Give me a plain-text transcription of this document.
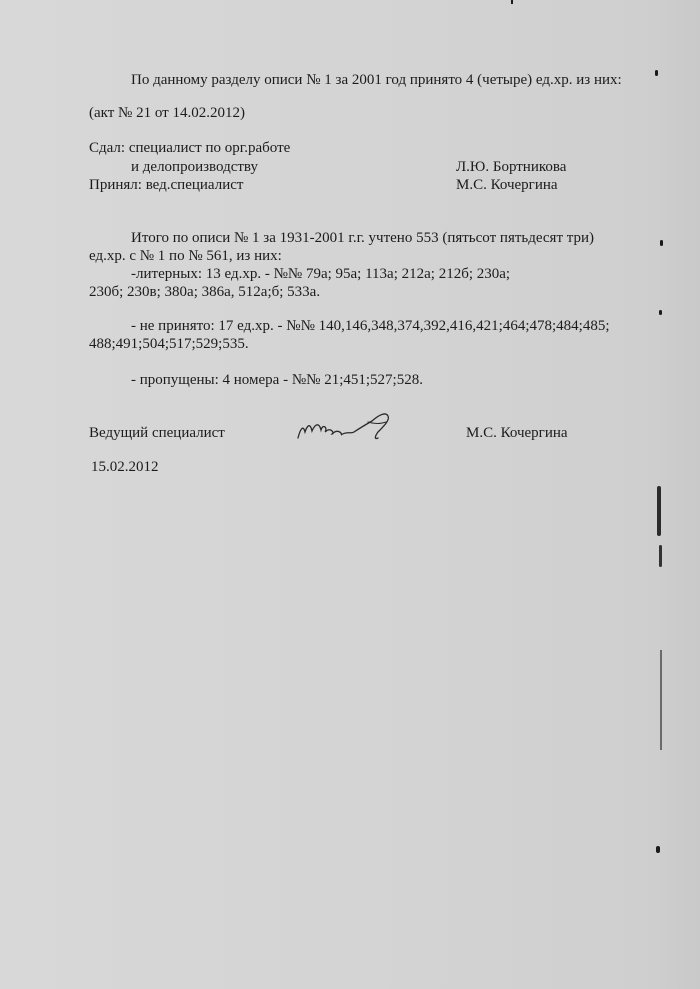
По данному разделу описи № 1 за 2001 год принято 4 (четыре) ед.хр. из них:
(акт № 21 от 14.02.2012)
Сдал: специалист по орг.работе
и делопроизводству	Л.Ю. Бортникова
Принял: вед.специалист	М.С. Кочергина
Итого по описи № 1 за 1931-2001 г.г. учтено 553 (пятьсот пятьдесят три)
ед.хр. с № 1 по № 561, из них:
-литерных: 13 ед.хр. - №№ 79а; 95а; 113а; 212а; 212б; 230а;
230б; 230в; 380а; 386а, 512а;б; 533а.
- не принято: 17 ед.хр. - №№ 140,146,348,374,392,416,421;464;478;484;485;
488;491;504;517;529;535.
- пропущены: 4 номера - №№ 21;451;527;528.
Ведущий специалист	М.С. Кочергина
15.02.2012
